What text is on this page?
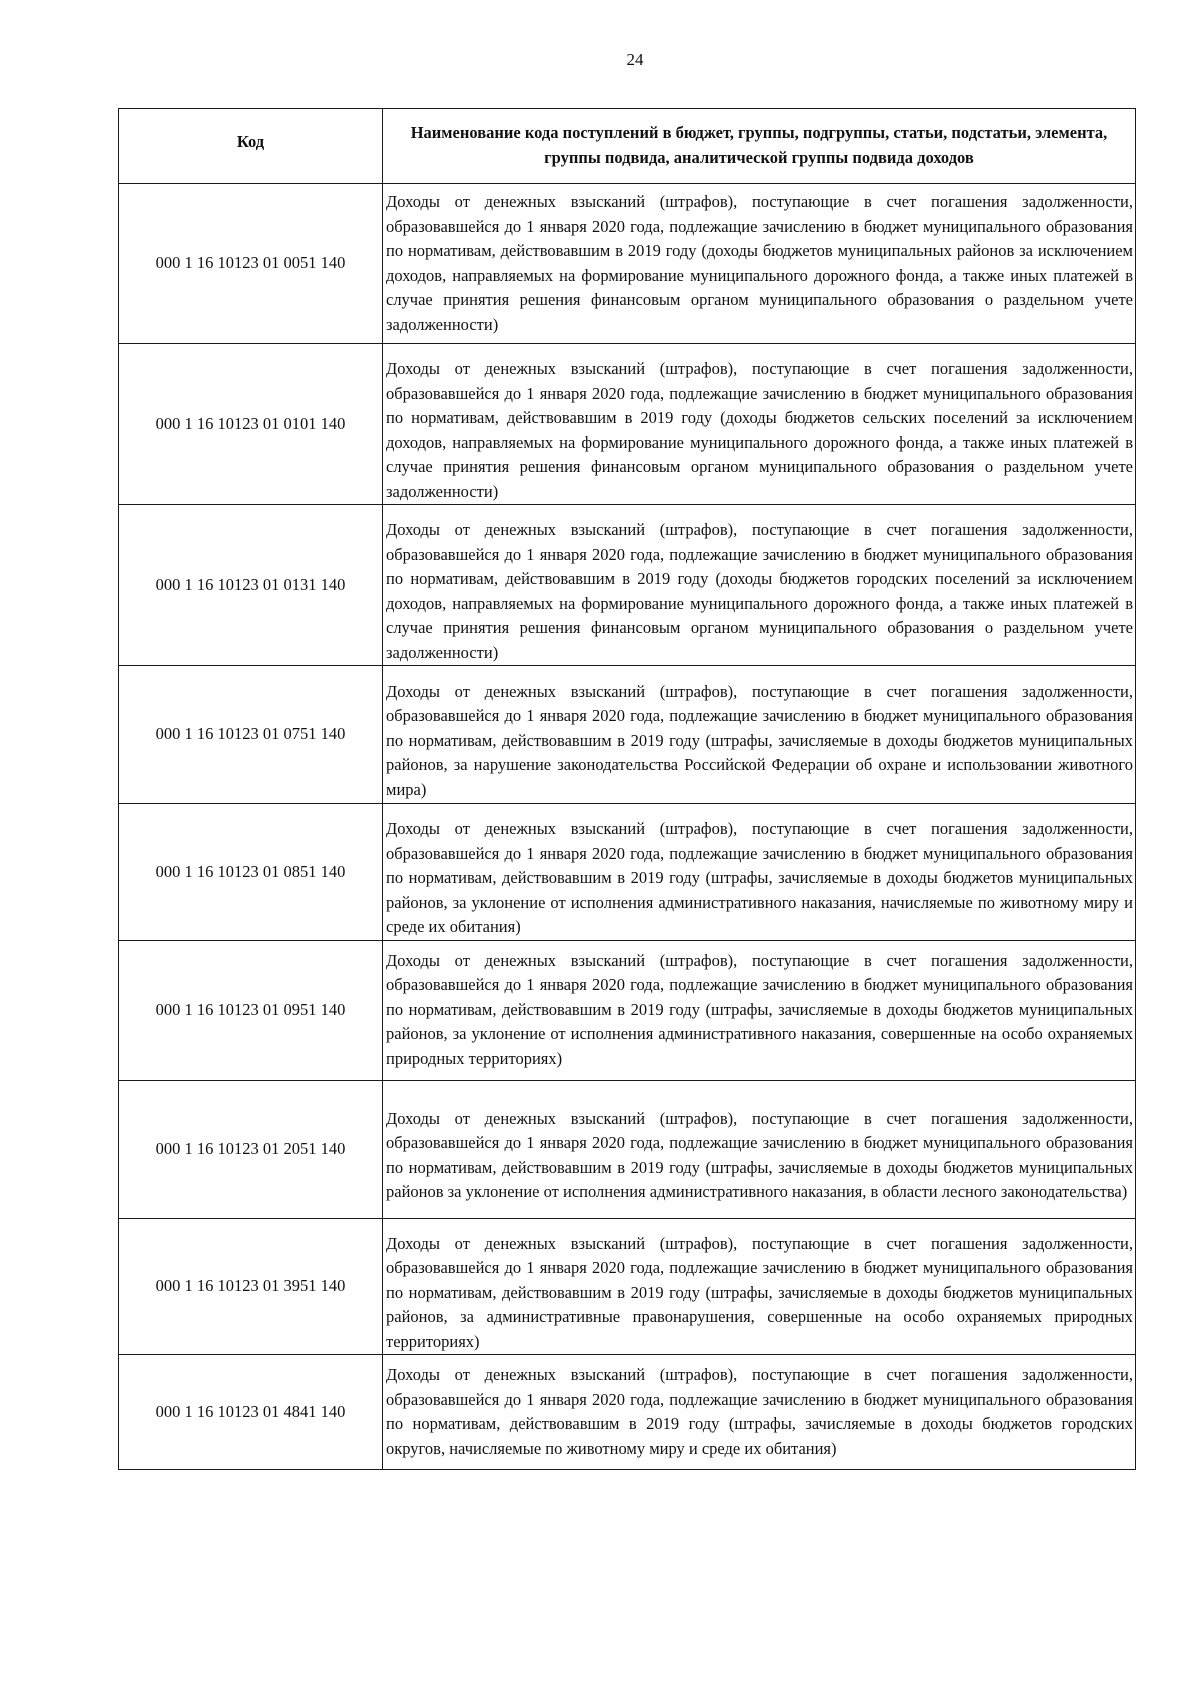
24
Код	Наименование кода поступлений в бюджет, группы, подгруппы, статьи, подстатьи, элемента, группы подвида, аналитической группы подвида доходов
000 1 16 10123 01 0051 140	Доходы от денежных взысканий (штрафов), поступающие в счет погашения задолженности, образовавшейся до 1 января 2020 года, подлежащие зачислению в бюджет муниципального образования по нормативам, действовавшим в 2019 году (доходы бюджетов муниципальных районов за исключением доходов, направляемых на формирование муниципального дорожного фонда, а также иных платежей в случае принятия решения финансовым органом муниципального образования о раздельном учете задолженности)
000 1 16 10123 01 0101 140	Доходы от денежных взысканий (штрафов), поступающие в счет погашения задолженности, образовавшейся до 1 января 2020 года, подлежащие зачислению в бюджет муниципального образования по нормативам, действовавшим в 2019 году (доходы бюджетов сельских поселений за исключением доходов, направляемых на формирование муниципального дорожного фонда, а также иных платежей в случае принятия решения финансовым органом муниципального образования о раздельном учете задолженности)
000 1 16 10123 01 0131 140	Доходы от денежных взысканий (штрафов), поступающие в счет погашения задолженности, образовавшейся до 1 января 2020 года, подлежащие зачислению в бюджет муниципального образования по нормативам, действовавшим в 2019 году (доходы бюджетов городских поселений за исключением доходов, направляемых на формирование муниципального дорожного фонда, а также иных платежей в случае принятия решения финансовым органом муниципального образования о раздельном учете задолженности)
000 1 16 10123 01 0751 140	Доходы от денежных взысканий (штрафов), поступающие в счет погашения задолженности, образовавшейся до 1 января 2020 года, подлежащие зачислению в бюджет муниципального образования по нормативам, действовавшим в 2019 году (штрафы, зачисляемые в доходы бюджетов муниципальных районов, за нарушение законодательства Российской Федерации об охране и использовании животного мира)
000 1 16 10123 01 0851 140	Доходы от денежных взысканий (штрафов), поступающие в счет погашения задолженности, образовавшейся до 1 января 2020 года, подлежащие зачислению в бюджет муниципального образования по нормативам, действовавшим в 2019 году (штрафы, зачисляемые в доходы бюджетов муниципальных районов, за уклонение от исполнения административного наказания, начисляемые по животному миру и среде их обитания)
000 1 16 10123 01 0951 140	Доходы от денежных взысканий (штрафов), поступающие в счет погашения задолженности, образовавшейся до 1 января 2020 года, подлежащие зачислению в бюджет муниципального образования по нормативам, действовавшим в 2019 году (штрафы, зачисляемые в доходы бюджетов муниципальных районов, за уклонение от исполнения административного наказания, совершенные на особо охраняемых природных территориях)
000 1 16 10123 01 2051 140	Доходы от денежных взысканий (штрафов), поступающие в счет погашения задолженности, образовавшейся до 1 января 2020 года, подлежащие зачислению в бюджет муниципального образования по нормативам, действовавшим в 2019 году (штрафы, зачисляемые в доходы бюджетов муниципальных районов за уклонение от исполнения административного наказания, в области лесного законодательства)
000 1 16 10123 01 3951 140	Доходы от денежных взысканий (штрафов), поступающие в счет погашения задолженности, образовавшейся до 1 января 2020 года, подлежащие зачислению в бюджет муниципального образования по нормативам, действовавшим в 2019 году (штрафы, зачисляемые в доходы бюджетов муниципальных районов, за административные правонарушения, совершенные на особо охраняемых природных территориях)
000 1 16 10123 01 4841 140	Доходы от денежных взысканий (штрафов), поступающие в счет погашения задолженности, образовавшейся до 1 января 2020 года, подлежащие зачислению в бюджет муниципального образования по нормативам, действовавшим в 2019 году (штрафы, зачисляемые в доходы бюджетов городских округов, начисляемые по животному миру и среде их обитания)
